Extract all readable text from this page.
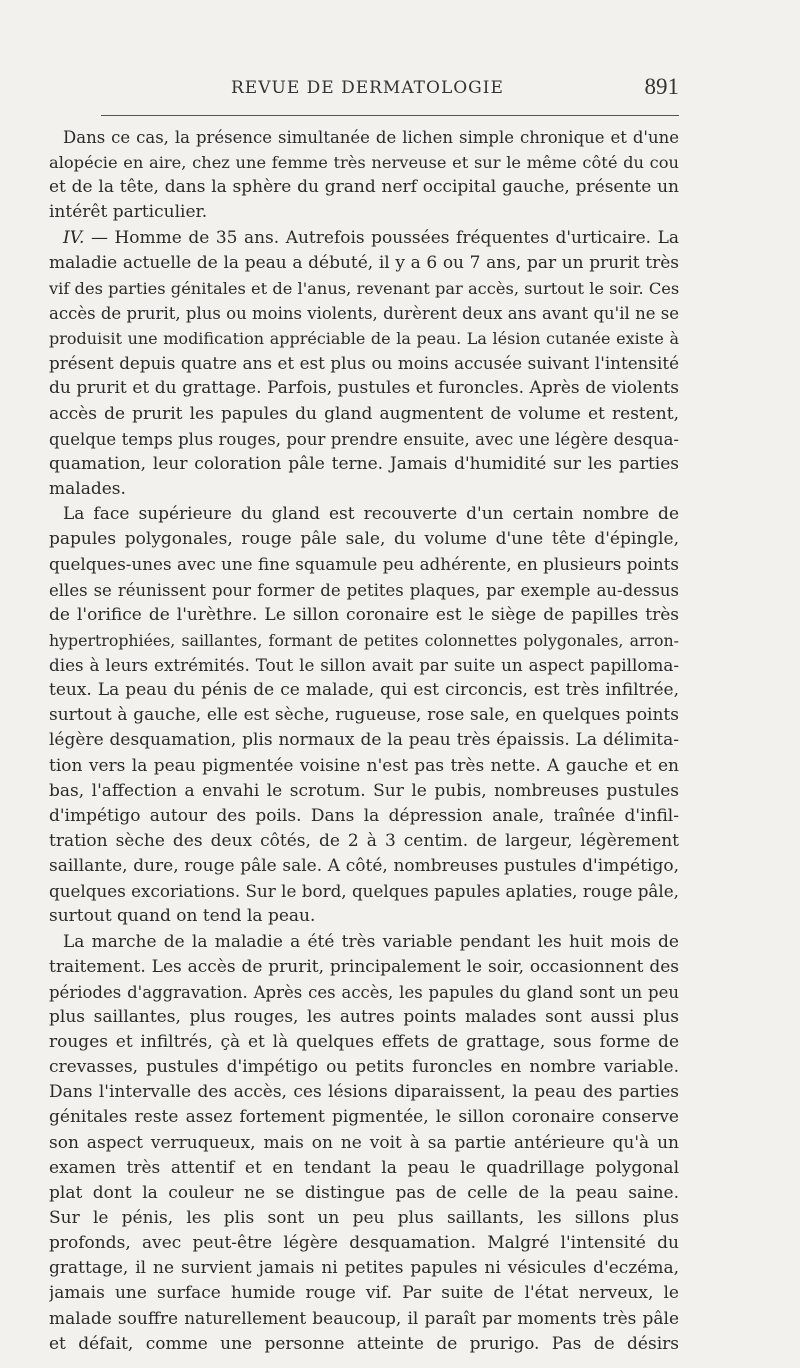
REVUE DE DERMATOLOGIE	891
Dans ce cas, la présence simultanée de lichen simple chronique et d'une
alopécie en aire, chez une femme très nerveuse et sur le même côté du cou
et de la tête, dans la sphère du grand nerf occipital gauche, présente un
intérêt particulier.
IV. — Homme de 35 ans. Autrefois poussées fréquentes d'urticaire. La
maladie actuelle de la peau a débuté, il y a 6 ou 7 ans, par un prurit très
vif des parties génitales et de l'anus, revenant par accès, surtout le soir. Ces
accès de prurit, plus ou moins violents, durèrent deux ans avant qu'il ne se
produisit une modification appréciable de la peau. La lésion cutanée existe à
présent depuis quatre ans et est plus ou moins accusée suivant l'intensité
du prurit et du grattage. Parfois, pustules et furoncles. Après de violents
accès de prurit les papules du gland augmentent de volume et restent,
quelque temps plus rouges, pour prendre ensuite, avec une légère desqua-
quamation, leur coloration pâle terne. Jamais d'humidité sur les parties
malades.
La face supérieure du gland est recouverte d'un certain nombre de
papules polygonales, rouge pâle sale, du volume d'une tête d'épingle,
quelques-unes avec une fine squamule peu adhérente, en plusieurs points
elles se réunissent pour former de petites plaques, par exemple au-dessus
de l'orifice de l'urèthre. Le sillon coronaire est le siège de papilles très
hypertrophiées, saillantes, formant de petites colonnettes polygonales, arron-
dies à leurs extrémités. Tout le sillon avait par suite un aspect papilloma-
teux. La peau du pénis de ce malade, qui est circoncis, est très infiltrée,
surtout à gauche, elle est sèche, rugueuse, rose sale, en quelques points
légère desquamation, plis normaux de la peau très épaissis. La délimita-
tion vers la peau pigmentée voisine n'est pas très nette. A gauche et en
bas, l'affection a envahi le scrotum. Sur le pubis, nombreuses pustules
d'impétigo autour des poils. Dans la dépression anale, traînée d'infil-
tration sèche des deux côtés, de 2 à 3 centim. de largeur, légèrement
saillante, dure, rouge pâle sale. A côté, nombreuses pustules d'impétigo,
quelques excoriations. Sur le bord, quelques papules aplaties, rouge pâle,
surtout quand on tend la peau.
La marche de la maladie a été très variable pendant les huit mois de
traitement. Les accès de prurit, principalement le soir, occasionnent des
périodes d'aggravation. Après ces accès, les papules du gland sont un peu
plus saillantes, plus rouges, les autres points malades sont aussi plus
rouges et infiltrés, çà et là quelques effets de grattage, sous forme de
crevasses, pustules d'impétigo ou petits furoncles en nombre variable.
Dans l'intervalle des accès, ces lésions diparaissent, la peau des parties
génitales reste assez fortement pigmentée, le sillon coronaire conserve
son aspect verruqueux, mais on ne voit à sa partie antérieure qu'à un
examen très attentif et en tendant la peau le quadrillage polygonal
plat dont la couleur ne se distingue pas de celle de la peau saine.
Sur le pénis, les plis sont un peu plus saillants, les sillons plus
profonds, avec peut-être légère desquamation. Malgré l'intensité du
grattage, il ne survient jamais ni petites papules ni vésicules d'eczéma,
jamais une surface humide rouge vif. Par suite de l'état nerveux, le
malade souffre naturellement beaucoup, il paraît par moments très pâle
et défait, comme une personne atteinte de prurigo. Pas de désirs
